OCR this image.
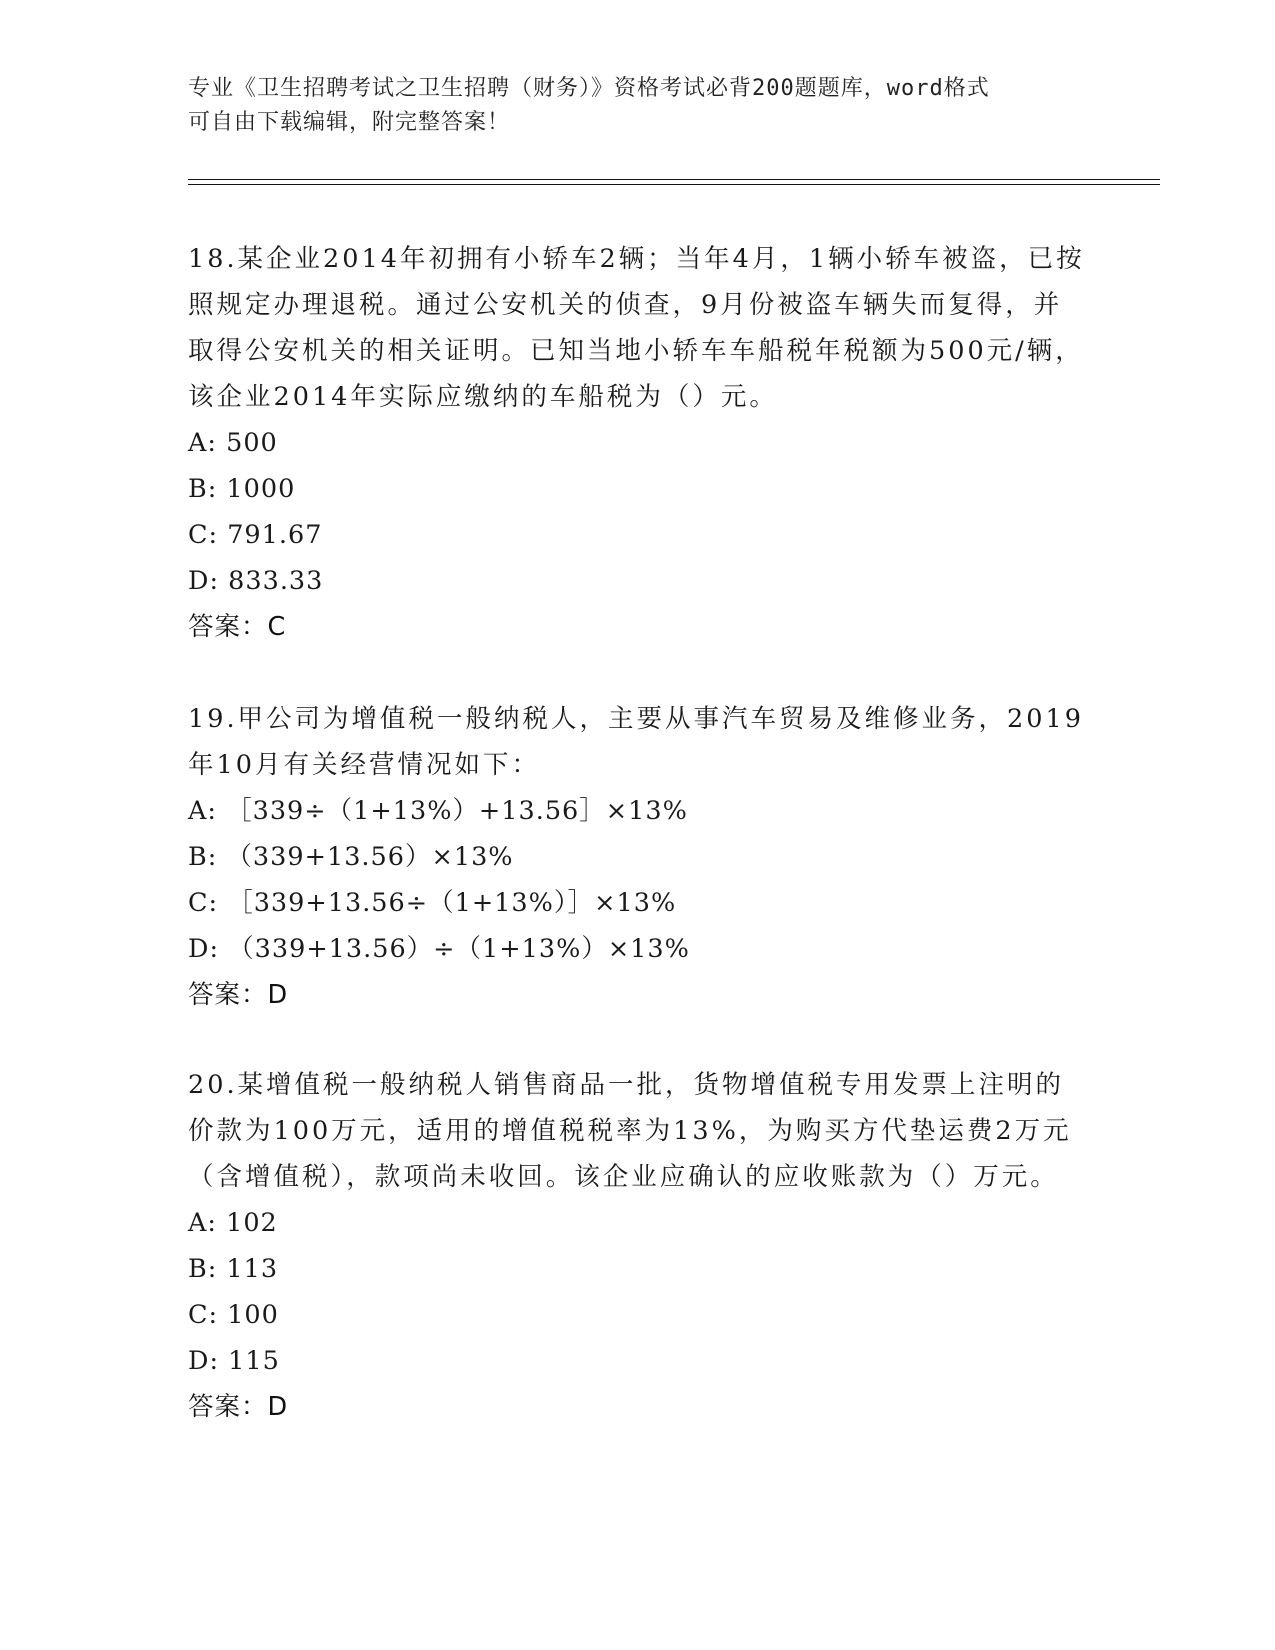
专业《卫生招聘考试之卫生招聘（财务）》资格考试必背200题题库，word格式
可自由下载编辑，附完整答案！

18.某企业2014年初拥有小轿车2辆；当年4月，1辆小轿车被盗，已按照规定办理退税。通过公安机关的侦查，9月份被盗车辆失而复得，并取得公安机关的相关证明。已知当地小轿车车船税年税额为500元/辆，该企业2014年实际应缴纳的车船税为（）元。

A: 500
B: 1000
C: 791.67
D: 833.33
答案：C

19.甲公司为增值税一般纳税人，主要从事汽车贸易及维修业务，2019年10月有关经营情况如下：

A: ［339÷（1+13%）+13.56］×13%
B: （339+13.56）×13%
C: ［339+13.56÷（1+13%）］×13%
D: （339+13.56）÷（1+13%）×13%
答案：D

20.某增值税一般纳税人销售商品一批，货物增值税专用发票上注明的价款为100万元，适用的增值税税率为13%，为购买方代垫运费2万元（含增值税），款项尚未收回。该企业应确认的应收账款为（）万元。

A: 102
B: 113
C: 100
D: 115
答案：D
